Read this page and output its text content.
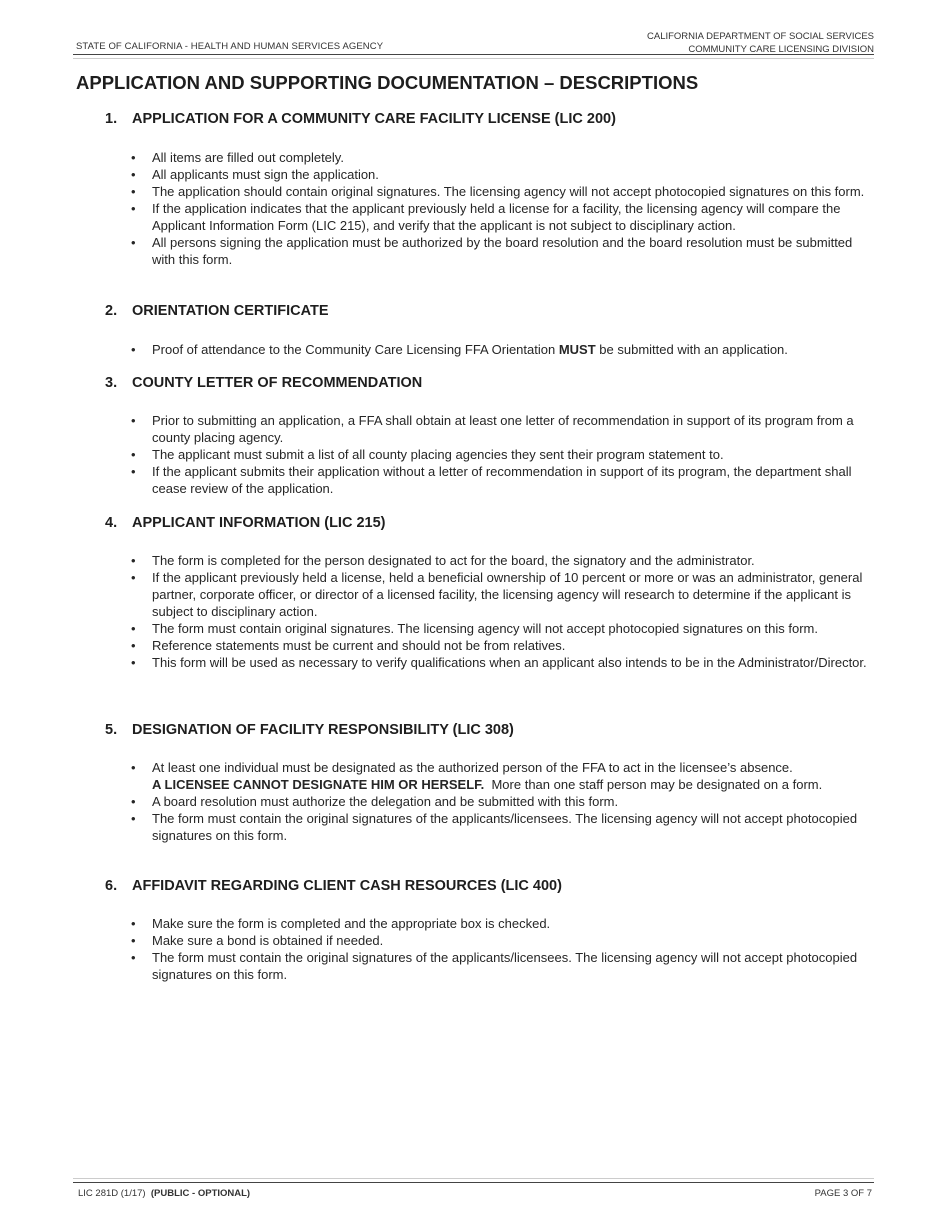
STATE OF CALIFORNIA - HEALTH AND HUMAN SERVICES AGENCY
CALIFORNIA DEPARTMENT OF SOCIAL SERVICES
COMMUNITY CARE LICENSING DIVISION
APPLICATION AND SUPPORTING DOCUMENTATION – DESCRIPTIONS
1. APPLICATION FOR A COMMUNITY CARE FACILITY LICENSE (LIC 200)
• All items are filled out completely.
• All applicants must sign the application.
• The application should contain original signatures. The licensing agency will not accept photocopied signatures on this form.
• If the application indicates that the applicant previously held a license for a facility, the licensing agency will compare the Applicant Information Form (LIC 215), and verify that the applicant is not subject to disciplinary action.
• All persons signing the application must be authorized by the board resolution and the board resolution must be submitted with this form.
2. ORIENTATION CERTIFICATE
• Proof of attendance to the Community Care Licensing FFA Orientation MUST be submitted with an application.
3. COUNTY LETTER OF RECOMMENDATION
• Prior to submitting an application, a FFA shall obtain at least one letter of recommendation in support of its program from a county placing agency.
• The applicant must submit a list of all county placing agencies they sent their program statement to.
• If the applicant submits their application without a letter of recommendation in support of its program, the department shall cease review of the application.
4. APPLICANT INFORMATION (LIC 215)
• The form is completed for the person designated to act for the board, the signatory and the administrator.
• If the applicant previously held a license, held a beneficial ownership of 10 percent or more or was an administrator, general partner, corporate officer, or director of a licensed facility, the licensing agency will research to determine if the applicant is subject to disciplinary action.
• The form must contain original signatures. The licensing agency will not accept photocopied signatures on this form.
• Reference statements must be current and should not be from relatives.
• This form will be used as necessary to verify qualifications when an applicant also intends to be in the Administrator/Director.
5. DESIGNATION OF FACILITY RESPONSIBILITY (LIC 308)
• At least one individual must be designated as the authorized person of the FFA to act in the licensee’s absence.
A LICENSEE CANNOT DESIGNATE HIM OR HERSELF.  More than one staff person may be designated on a form.
• A board resolution must authorize the delegation and be submitted with this form.
• The form must contain the original signatures of the applicants/licensees. The licensing agency will not accept photocopied signatures on this form.
6. AFFIDAVIT REGARDING CLIENT CASH RESOURCES (LIC 400)
• Make sure the form is completed and the appropriate box is checked.
• Make sure a bond is obtained if needed.
• The form must contain the original signatures of the applicants/licensees. The licensing agency will not accept photocopied signatures on this form.
LIC 281D (1/17) (PUBLIC - OPTIONAL)	PAGE 3 OF 7
